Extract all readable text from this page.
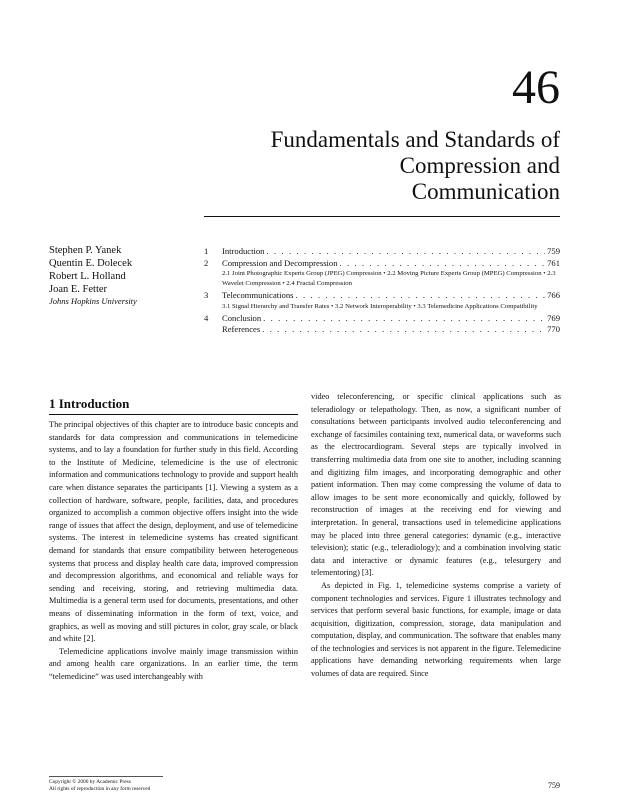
46
Fundamentals and Standards of
Compression and
Communication
Stephen P. Yanek
Quentin E. Dolecek
Robert L. Holland
Joan E. Fetter
Johns Hopkins University
1	Introduction . . .	759
2	Compression and Decompression . . .	761
2.1 Joint Photographic Experts Group (JPEG) Compression • 2.2 Moving Picture Experts Group (MPEG) Compression • 2.3 Wavelet Compression • 2.4 Fractal Compression
3	Telecommunications . . .	766
3.1 Signal Hierarchy and Transfer Rates • 3.2 Network Interoperability • 3.3 Telemedicine Applications Compatibility
4	Conclusion . . .	769
References . . .	770
1 Introduction

The principal objectives of this chapter are to introduce basic concepts and standards for data compression and communications in telemedicine systems, and to lay a foundation for further study in this field. According to the Institute of Medicine, telemedicine is the use of electronic information and communications technology to provide and support health care when distance separates the participants [1]. Viewing a system as a collection of hardware, software, people, facilities, data, and procedures organized to accomplish a common objective offers insight into the wide range of issues that affect the design, deployment, and use of telemedicine systems. The interest in telemedicine systems has created significant demand for standards that ensure compatibility between heterogeneous systems that process and display health care data, improved compression and decompression algorithms, and economical and reliable ways for sending and receiving, storing, and retrieving multimedia data. Multimedia is a general term used for documents, presentations, and other means of disseminating information in the form of text, voice, and graphics, as well as moving and still pictures in color, gray scale, or black and white [2].

Telemedicine applications involve mainly image transmission within and among health care organizations. In an earlier time, the term “telemedicine” was used interchangeably with

video teleconferencing, or specific clinical applications such as teleradiology or telepathology. Then, as now, a significant number of consultations between participants involved audio teleconferencing and exchange of facsimiles containing text, numerical data, or waveforms such as the electrocardiogram. Several steps are typically involved in transferring multimedia data from one site to another, including scanning and digitizing film images, and incorporating demographic and other patient information. Then may come compressing the volume of data to allow images to be sent more economically and quickly, followed by reconstruction of images at the receiving end for viewing and interpretation. In general, transactions used in telemedicine applications may be placed into three general categories: dynamic (e.g., interactive television); static (e.g., teleradiology); and a combination involving static data and interactive or dynamic features (e.g., telesurgery and telementoring) [3].

As depicted in Fig. 1, telemedicine systems comprise a variety of component technologies and services. Figure 1 illustrates technology and services that perform several basic functions, for example, image or data acquisition, digitization, compression, storage, data manipulation and computation, display, and communication. The software that enables many of the technologies and services is not apparent in the figure. Telemedicine applications have demanding networking requirements when large volumes of data are required. Since

Copyright © 2000 by Academic Press
All rights of reproduction in any form reserved	759
